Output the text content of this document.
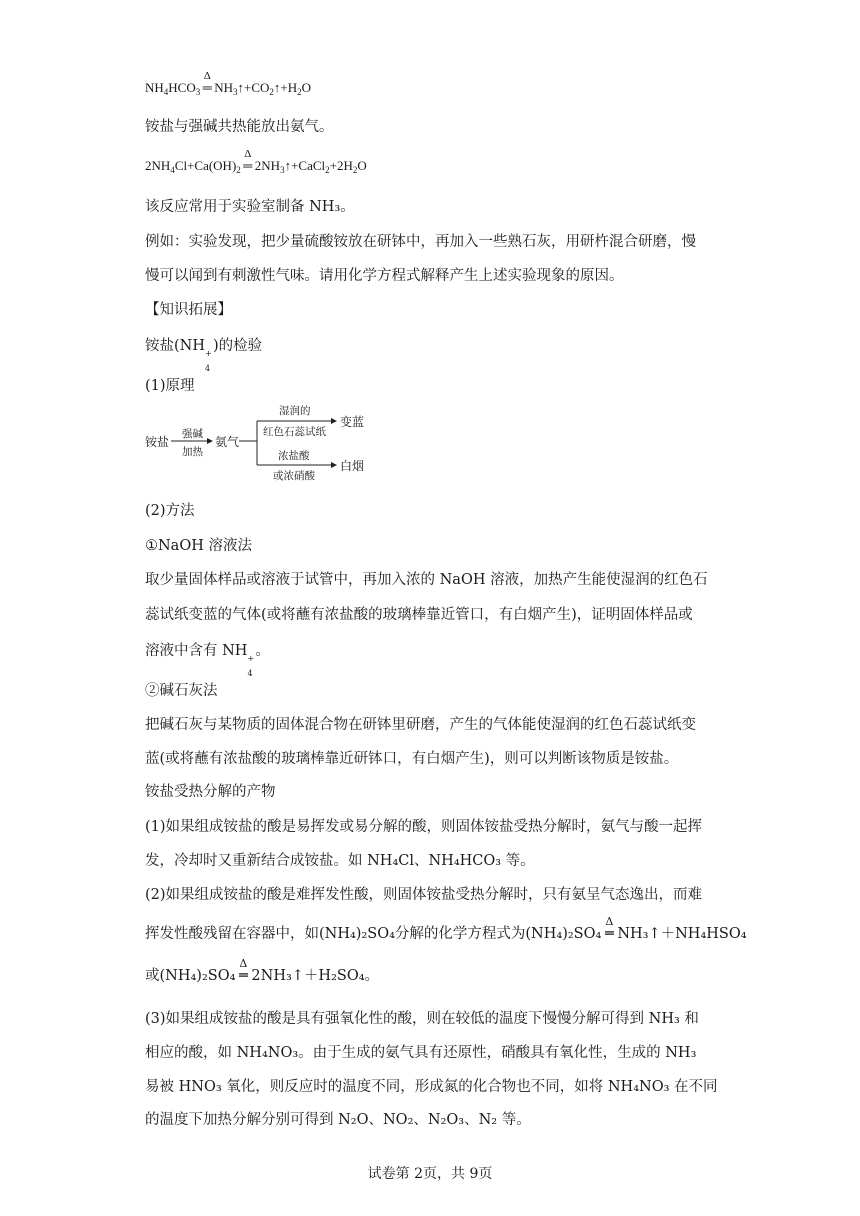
$NH_4HCO_3$
Δ
═ $NH_3↑+CO_2↑+H_2O$
铵盐与强碱共热能放出氨气。
$2NH_4Cl+Ca(OH)_2$
Δ
═ $2NH_3↑+CaCl_2+2H_2O$
该反应常用于实验室制备 NH₃。
例如：实验发现，把少量硫酸铵放在研钵中，再加入一些熟石灰，用研杵混合研磨，慢
慢可以闻到有刺激性气味。请用化学方程式解释产生上述实验现象的原因。
【知识拓展】
铵盐(NH +
4
)的检验
(1)原理
铵盐
强碱
加热
氨气
湿润的
红色石蕊试纸
变蓝
浓盐酸
或浓硝酸
白烟
(2)方法
①NaOH 溶液法
取少量固体样品或溶液于试管中，再加入浓的 NaOH 溶液，加热产生能使湿润的红色石
蕊试纸变蓝的气体(或将蘸有浓盐酸的玻璃棒靠近管口，有白烟产生)，证明固体样品或
溶液中含有 NH +
4
。
②碱石灰法
把碱石灰与某物质的固体混合物在研钵里研磨，产生的气体能使湿润的红色石蕊试纸变
蓝(或将蘸有浓盐酸的玻璃棒靠近研钵口，有白烟产生)，则可以判断该物质是铵盐。
铵盐受热分解的产物
(1)如果组成铵盐的酸是易挥发或易分解的酸，则固体铵盐受热分解时，氨气与酸一起挥
发，冷却时又重新结合成铵盐。如 NH₄Cl、NH₄HCO₃ 等。
(2)如果组成铵盐的酸是难挥发性酸，则固体铵盐受热分解时，只有氨呈气态逸出，而难
挥发性酸残留在容器中，如(NH₄)₂SO₄分解的化学方程式为(NH₄)₂SO₄
Δ
═ NH₃↑＋NH₄HSO₄
或(NH₄)₂SO₄
Δ
═ 2NH₃↑＋H₂SO₄。
(3)如果组成铵盐的酸是具有强氧化性的酸，则在较低的温度下慢慢分解可得到 NH₃ 和
相应的酸，如 NH₄NO₃。由于生成的氨气具有还原性，硝酸具有氧化性，生成的 NH₃
易被 HNO₃ 氧化，则反应时的温度不同，形成氮的化合物也不同，如将 NH₄NO₃ 在不同
的温度下加热分解分别可得到 N₂O、NO₂、N₂O₃、N₂ 等。
试卷第 2页，共 9页
